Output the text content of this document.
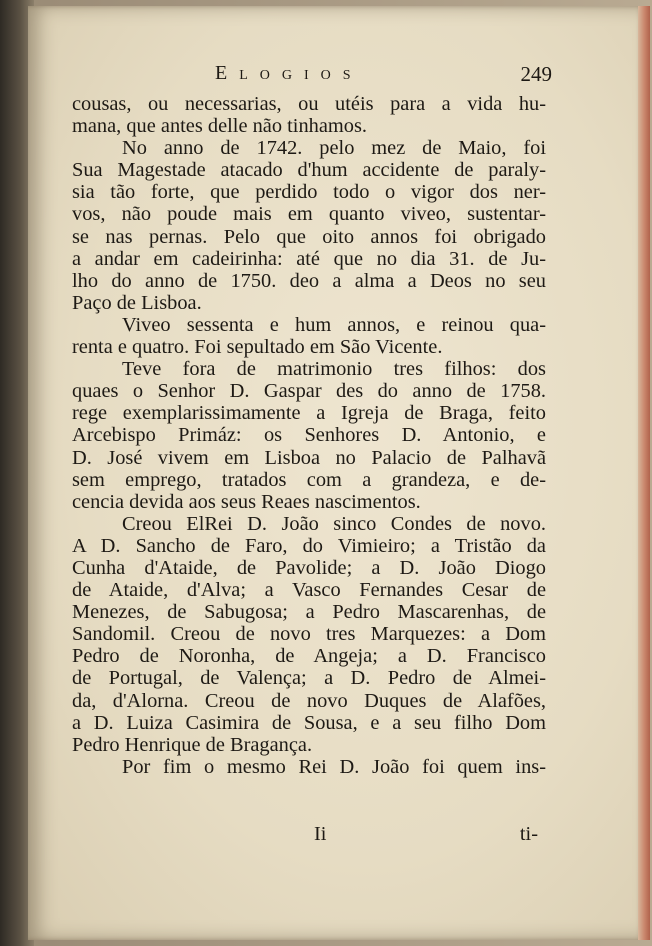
Elogios	249
cousas, ou necessarias, ou utéis para a vida hu-
mana, que antes delle não tinhamos.
No anno de 1742. pelo mez de Maio, foi
Sua Magestade atacado d'hum accidente de paraly-
sia tão forte, que perdido todo o vigor dos ner-
vos, não poude mais em quanto viveo, sustentar-
se nas pernas. Pelo que oito annos foi obrigado
a andar em cadeirinha: até que no dia 31. de Ju-
lho do anno de 1750. deo a alma a Deos no seu
Paço de Lisboa.
Viveo sessenta e hum annos, e reinou qua-
renta e quatro. Foi sepultado em São Vicente.
Teve fora de matrimonio tres filhos: dos
quaes o Senhor D. Gaspar des do anno de 1758.
rege exemplarissimamente a Igreja de Braga, feito
Arcebispo Primáz: os Senhores D. Antonio, e
D. José vivem em Lisboa no Palacio de Palhavã
sem emprego, tratados com a grandeza, e de-
cencia devida aos seus Reaes nascimentos.
Creou ElRei D. João sinco Condes de novo.
A D. Sancho de Faro, do Vimieiro; a Tristão da
Cunha d'Ataide, de Pavolide; a D. João Diogo
de Ataide, d'Alva; a Vasco Fernandes Cesar de
Menezes, de Sabugosa; a Pedro Mascarenhas, de
Sandomil. Creou de novo tres Marquezes: a Dom
Pedro de Noronha, de Angeja; a D. Francisco
de Portugal, de Valença; a D. Pedro de Almei-
da, d'Alorna. Creou de novo Duques de Alafões,
a D. Luiza Casimira de Sousa, e a seu filho Dom
Pedro Henrique de Bragança.
Por fim o mesmo Rei D. João foi quem ins-
Ii	ti-
